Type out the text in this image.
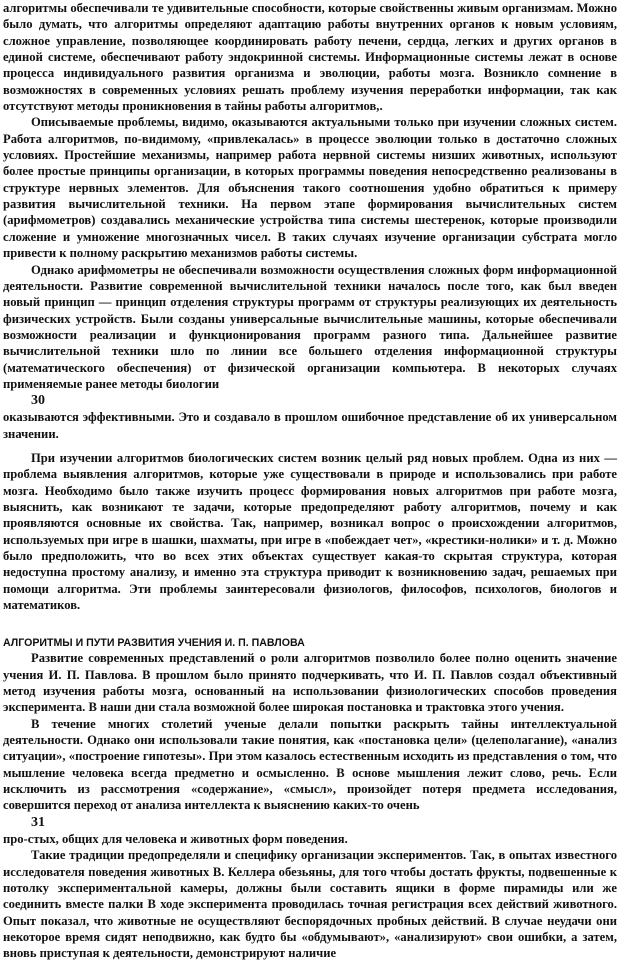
алгоритмы обеспечивали те удивительные способности, которые свойственны живым организмам. Можно было думать, что алгоритмы определяют адаптацию работы внутренних органов к новым условиям, сложное управление, позволяющее координировать работу печени, сердца, легких и других органов в единой системе, обеспечивают работу эндокринной системы. Информационные системы лежат в основе процесса индивидуального развития организма и эволюции, работы мозга. Возникло сомнение в возможностях в современных условиях решать проблему изучения переработки информации, так как отсутствуют методы проникновения в тайны работы алгоритмов,.

Описываемые проблемы, видимо, оказываются актуальными только при изучении сложных систем. Работа алгоритмов, по-видимому, «привлекалась» в процессе эволюции только в достаточно сложных условиях. Простейшие механизмы, например работа нервной системы низших животных, используют более простые принципы организации, в которых программы поведения непосредственно реализованы в структуре нервных элементов. Для объяснения такого соотношения удобно обратиться к примеру развития вычислительной техники. На первом этапе формирования вычислительных систем (арифмометров) создавались механические устройства типа системы шестеренок, которые производили сложение и умножение многозначных чисел. В таких случаях изучение организации субстрата могло привести к полному раскрытию механизмов работы системы.

Однако арифмометры не обеспечивали возможности осуществления сложных форм информационной деятельности. Развитие современной вычислительной техники началось после того, как был введен новый принцип — принцип отделения структуры программ от структуры реализующих их деятельность физических устройств. Были созданы универсальные вычислительные машины, которые обеспечивали возможности реализации и функционирования программ разного типа. Дальнейшее развитие вычислительной техники шло по линии все большего отделения информационной структуры (математического обеспечения) от физической организации компьютера. В некоторых случаях применяемые ранее методы биологии

30

оказываются эффективными. Это и создавало в прошлом ошибочное представление об их универсальном значении.

При изучении алгоритмов биологических систем возник целый ряд новых проблем. Одна из них — проблема выявления алгоритмов, которые уже существовали в природе и использовались при работе мозга. Необходимо было также изучить процесс формирования новых алгоритмов при работе мозга, выяснить, как возникают те задачи, которые предопределяют работу алгоритмов, почему и как проявляются основные их свойства. Так, например, возникал вопрос о происхождении алгоритмов, используемых при игре в шашки, шахматы, при игре в «побеждает чет», «крестики-нолики» и т. д. Можно было предположить, что во всех этих объектах существует какая-то скрытая структура, которая недоступна простому анализу, и именно эта структура приводит к возникновению задач, решаемых при помощи алгоритма. Эти проблемы заинтересовали физиологов, философов, психологов, биологов и математиков.

АЛГОРИТМЫ И ПУТИ РАЗВИТИЯ УЧЕНИЯ И. П. ПАВЛОВА

Развитие современных представлений о роли алгоритмов позволило более полно оценить значение учения И. П. Павлова. В прошлом было принято подчеркивать, что И. П. Павлов создал объективный метод изучения работы мозга, основанный на использовании физиологических способов проведения эксперимента. В наши дни стала возможной более широкая постановка и трактовка этого учения.

В течение многих столетий ученые делали попытки раскрыть тайны интеллектуальной деятельности. Однако они использовали такие понятия, как «постановка цели» (целеполагание), «анализ ситуации», «построение гипотезы». При этом казалось естественным исходить из представления о том, что мышление человека всегда предметно и осмысленно. В основе мышления лежит слово, речь. Если исключить из рассмотрения «содержание», «смысл», произойдет потеря предмета исследования, совершится переход от анализа интеллекта к выяснению каких-то очень

31

про-стых, общих для человека и животных форм поведения.

Такие традиции предопределяли и специфику организации экспериментов. Так, в опытах известного исследователя поведения животных В. Келлера обезьяны, для того чтобы достать фрукты, подвешенные к потолку экспериментальной камеры, должны были составить ящики в форме пирамиды или же соединить вместе палки В ходе эксперимента проводилась точная регистрация всех действий животного. Опыт показал, что животные не осуществляют беспорядочных пробных действий. В случае неудачи они некоторое время сидят неподвижно, как будто бы «обдумывают», «анализируют» свои ошибки, а затем, вновь приступая к деятельности, демонстрируют наличие
